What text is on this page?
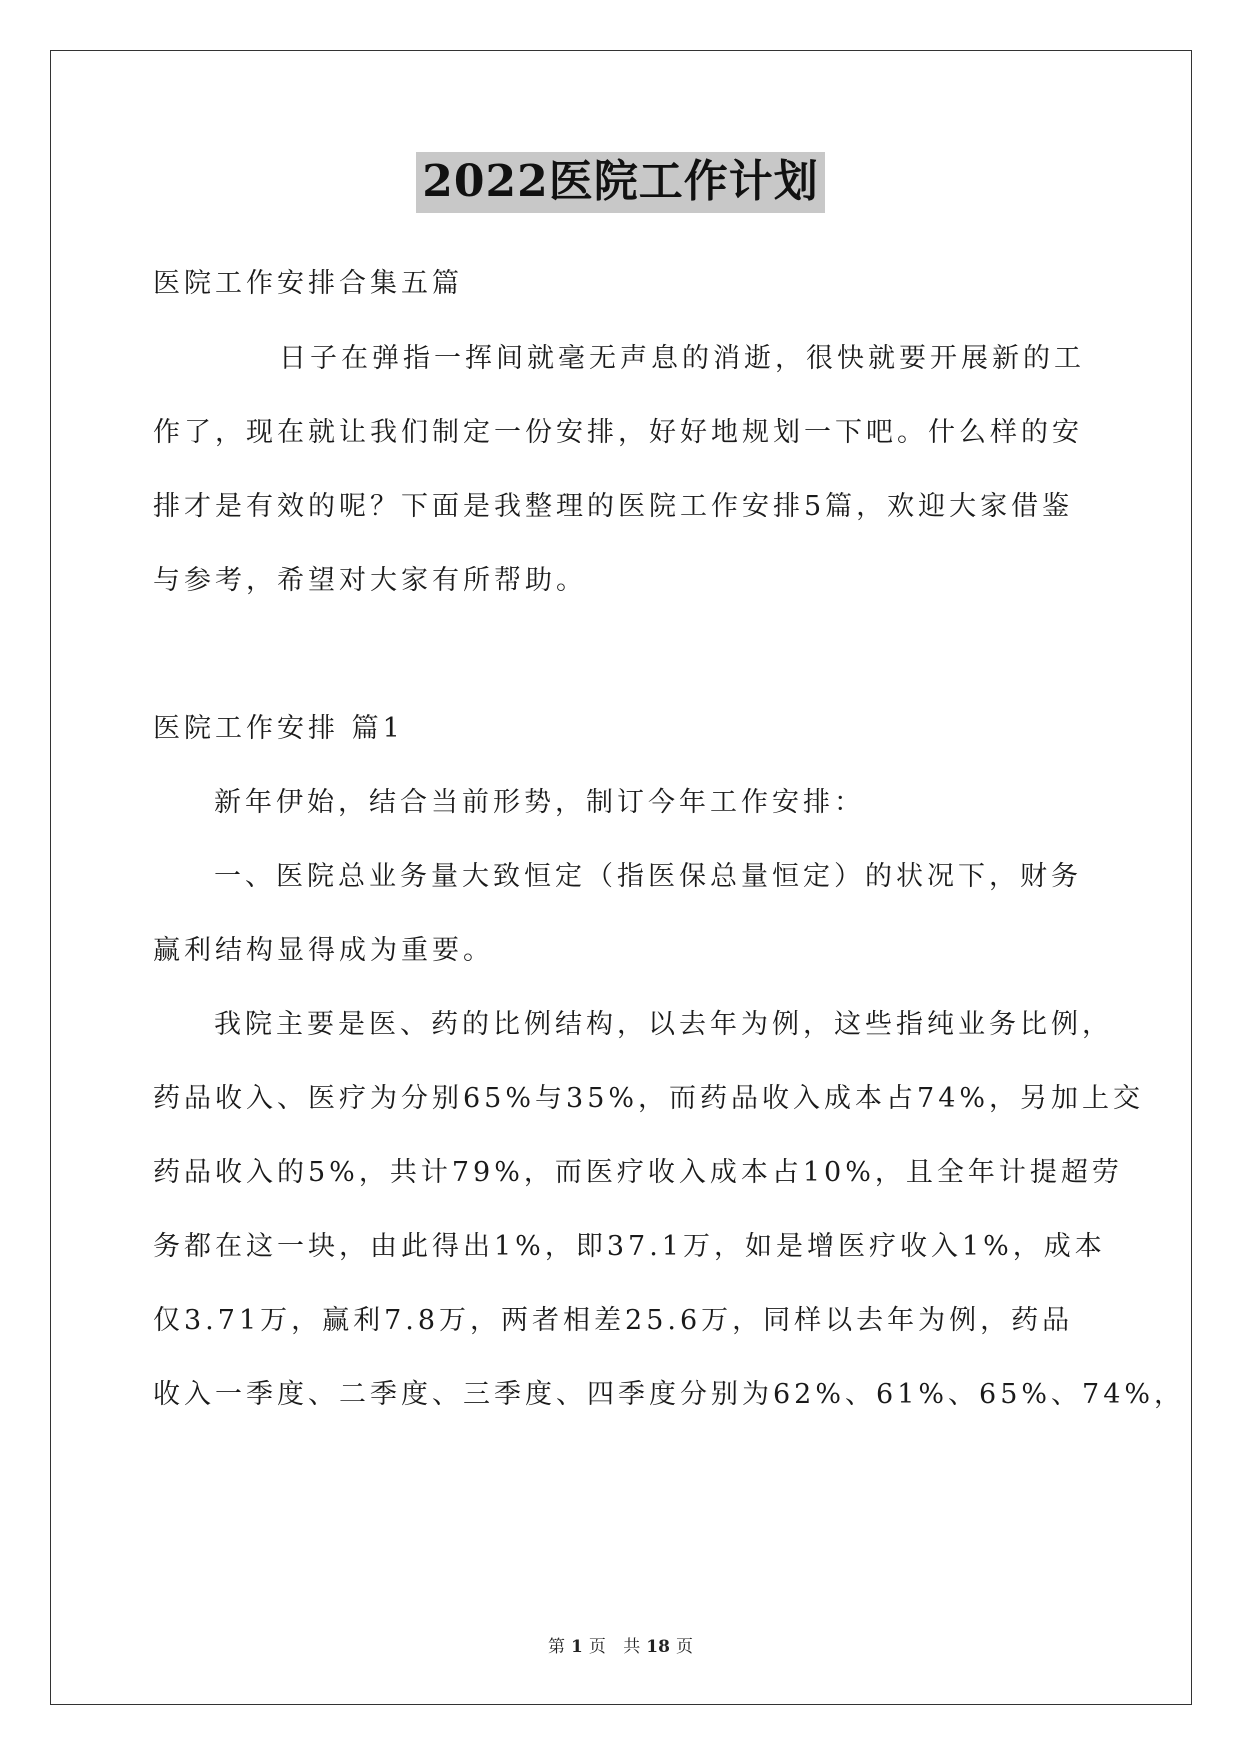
2022医院工作计划
医院工作安排合集五篇
日子在弹指一挥间就毫无声息的消逝，很快就要开展新的工
作了，现在就让我们制定一份安排，好好地规划一下吧。什么样的安
排才是有效的呢？下面是我整理的医院工作安排5篇，欢迎大家借鉴
与参考，希望对大家有所帮助。
医院工作安排 篇1
新年伊始，结合当前形势，制订今年工作安排：
一、医院总业务量大致恒定（指医保总量恒定）的状况下，财务
赢利结构显得成为重要。
我院主要是医、药的比例结构，以去年为例，这些指纯业务比例，
药品收入、医疗为分别65%与35%，而药品收入成本占74%，另加上交
药品收入的5%，共计79%，而医疗收入成本占10%，且全年计提超劳
务都在这一块，由此得出1%，即37.1万，如是增医疗收入1%，成本
仅3.71万，赢利7.8万，两者相差25.6万，同样以去年为例，药品
收入一季度、二季度、三季度、四季度分别为62%、61%、65%、74%，
第 1 页 共 18 页
